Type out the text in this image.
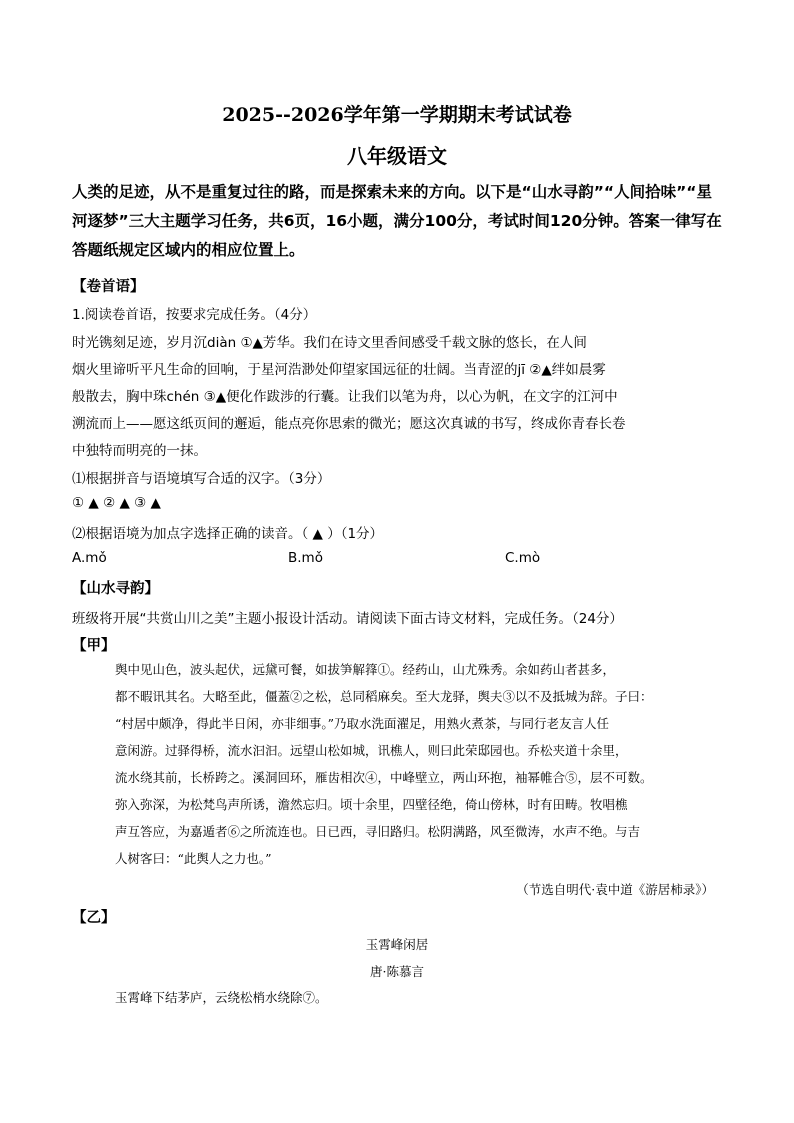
2025--2026学年第一学期期末考试试卷
八年级语文
人类的足迹，从不是重复过往的路，而是探索未来的方向。以下是“山水寻韵”“人间拾味”“星河逐梦”三大主题学习任务，共6页，16小题，满分100分，考试时间120分钟。答案一律写在答题纸规定区域内的相应位置上。
【卷首语】
1.阅读卷首语，按要求完成任务。（4分）
时光镌刻足迹，岁月沉diàn ①▲芳华。我们在诗文里香间感受千载文脉的悠长，在人间
烟火里谛听平凡生命的回响，于星河浩渺处仰望家国远征的壮阔。当青涩的jī ②▲绊如晨雾
般散去，胸中珠chén ③▲便化作跋涉的行囊。让我们以笔为舟，以心为帆，在文字的江河中
溯流而上——愿这纸页间的邂逅，能点亮你思索的微光；愿这次真诚的书写，终成你青春长卷
中独特而明亮的一抹。
⑴根据拼音与语境填写合适的汉字。（3分）
① ▲ ② ▲ ③ ▲
⑵根据语境为加点字选择正确的读音。（ ▲ ）（1分）
A.mǒ	B.mǒ	C.mò
【山水寻韵】
班级将开展“共赏山川之美”主题小报设计活动。请阅读下面古诗文材料，完成任务。（24分）
【甲】
舆中见山色，波头起伏，远黛可餐，如拔笋解箨①。经药山，山尤殊秀。余如药山者甚多，
都不暇讯其名。大略至此，僵蓋②之松，总同稻麻矣。至大龙驿，舆夫③以不及抵城为辞。子曰：
“村居中颇净，得此半日闲，亦非细事。”乃取水洗面濯足，用熟火煮茶，与同行老友言人任
意闲游。过驿得桥，流水汩汩。远望山松如城，讯樵人，则曰此荣邸园也。乔松夹道十余里，
流水绕其前，长桥跨之。溪洞回环，雁齿相次④，中峰壁立，两山环抱，袖幂帷合⑤，层不可数。
弥入弥深，为松梵鸟声所诱，澹然忘归。顷十余里，四壁径绝，倚山傍林，时有田畴。牧唱樵
声互答应，为嘉遁者⑥之所流连也。日已西，寻旧路归。松阴满路，风至微涛，水声不绝。与吉
人树客曰：“此舆人之力也。”
（节选自明代·袁中道《游居柿录》）
【乙】
玉霄峰闲居
唐·陈慕言
玉霄峰下结茅庐，云绕松梢水绕除⑦。
